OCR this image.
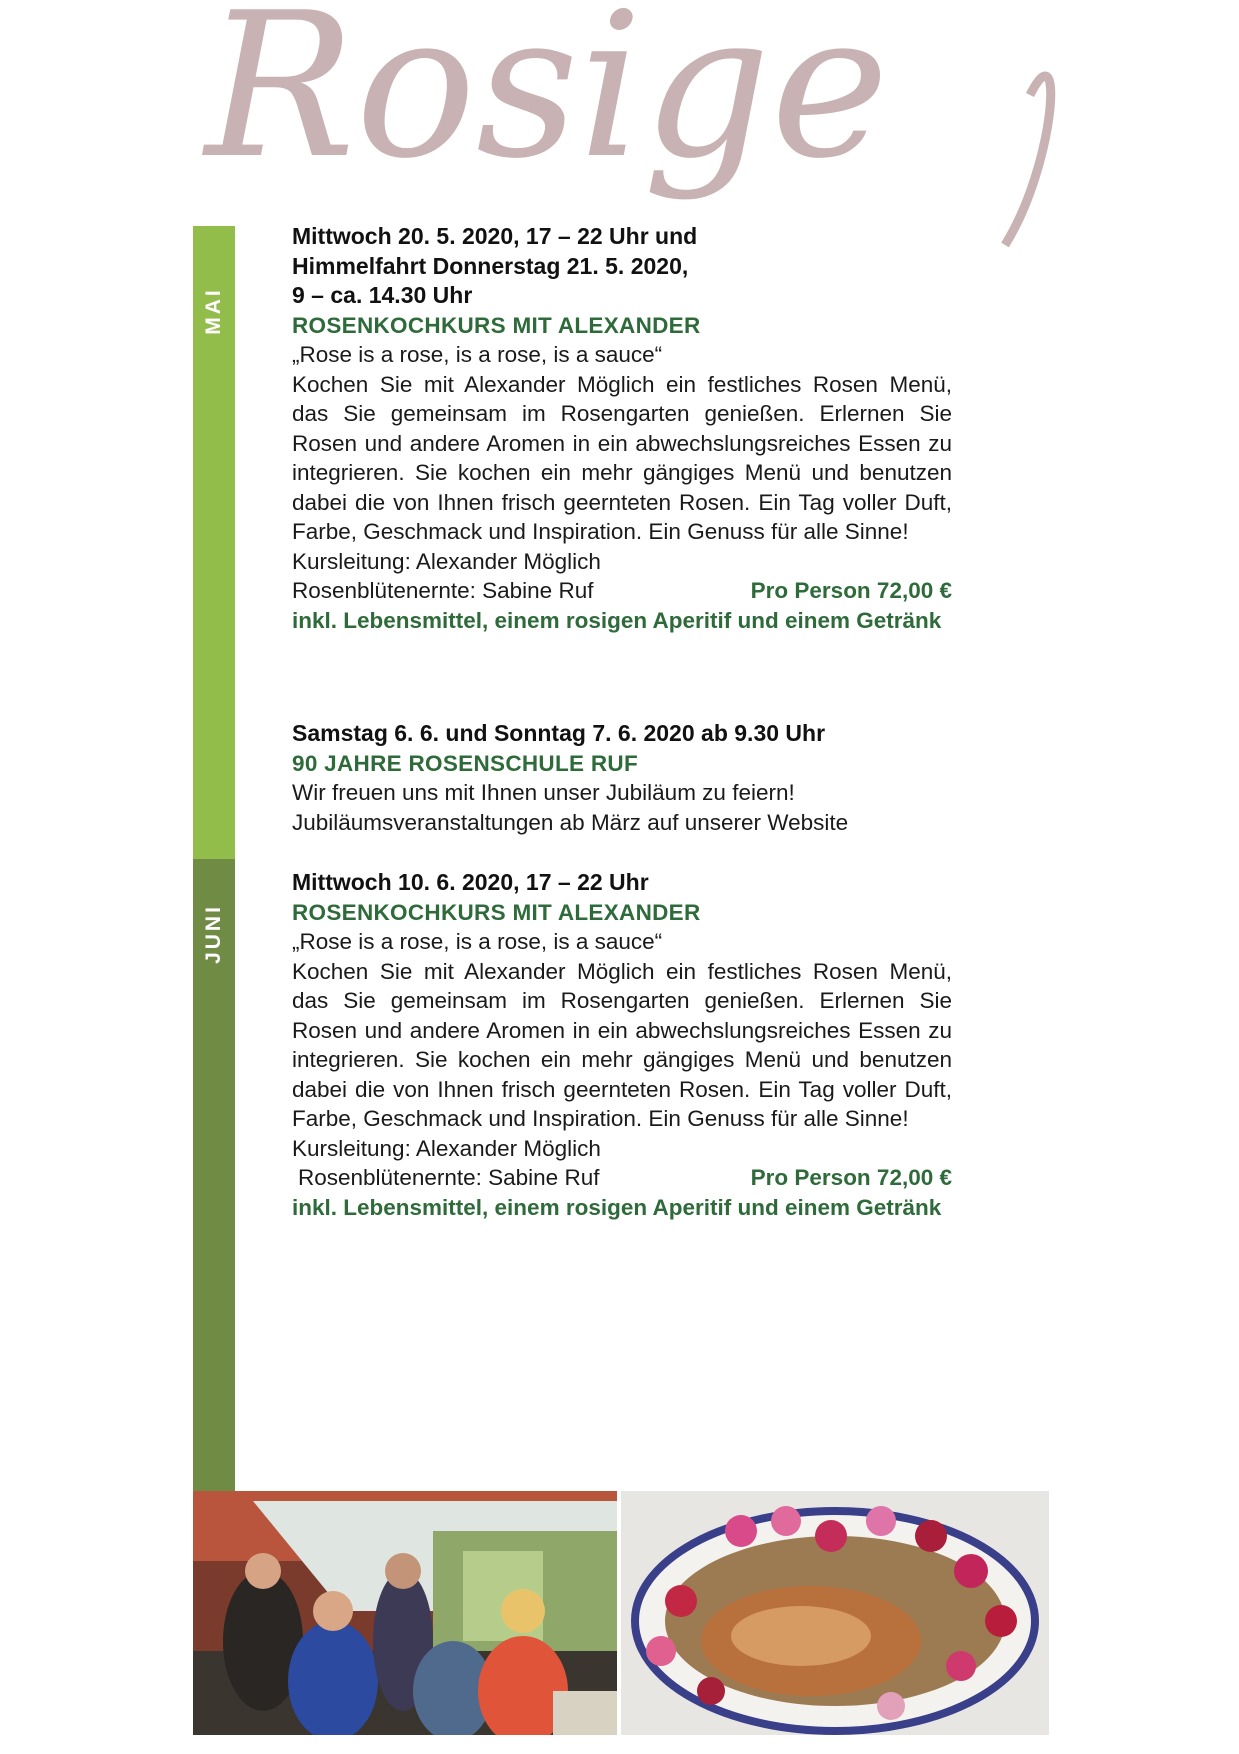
Rosige
MAI
JUNI
Mittwoch 20. 5. 2020, 17 – 22 Uhr und
Himmelfahrt Donnerstag 21. 5. 2020,
9 – ca. 14.30 Uhr
ROSENKOCHKURS MIT ALEXANDER
„Rose is a rose, is a rose, is a sauce“
Kochen Sie mit Alexander Möglich ein festliches Rosen Menü, das Sie gemeinsam im Rosengarten genießen. Erlernen Sie Rosen und andere Aromen in ein abwechslungsreiches Essen zu integrieren. Sie kochen ein mehr gängiges Menü und benutzen dabei die von Ihnen frisch geernteten Rosen. Ein Tag voller Duft, Farbe, Geschmack und Inspiration. Ein Genuss für alle Sinne!
Kursleitung: Alexander Möglich
Rosenblütenernte: Sabine Ruf	Pro Person 72,00 €
inkl. Lebensmittel, einem rosigen Aperitif und einem Getränk
Samstag 6. 6. und Sonntag 7. 6. 2020 ab 9.30 Uhr
90 JAHRE ROSENSCHULE RUF
Wir freuen uns mit Ihnen unser Jubiläum zu feiern!
Jubiläumsveranstaltungen ab März auf unserer Website
Mittwoch 10. 6. 2020, 17 – 22 Uhr
ROSENKOCHKURS MIT ALEXANDER
„Rose is a rose, is a rose, is a sauce“
Kochen Sie mit Alexander Möglich ein festliches Rosen Menü, das Sie gemeinsam im Rosengarten genießen. Erlernen Sie Rosen und andere Aromen in ein abwechslungsreiches Essen zu integrieren. Sie kochen ein mehr gängiges Menü und benutzen dabei die von Ihnen frisch geernteten Rosen. Ein Tag voller Duft, Farbe, Geschmack und Inspiration. Ein Genuss für alle Sinne!
Kursleitung: Alexander Möglich
Rosenblütenernte: Sabine Ruf	Pro Person 72,00 €
inkl. Lebensmittel, einem rosigen Aperitif und einem Getränk
